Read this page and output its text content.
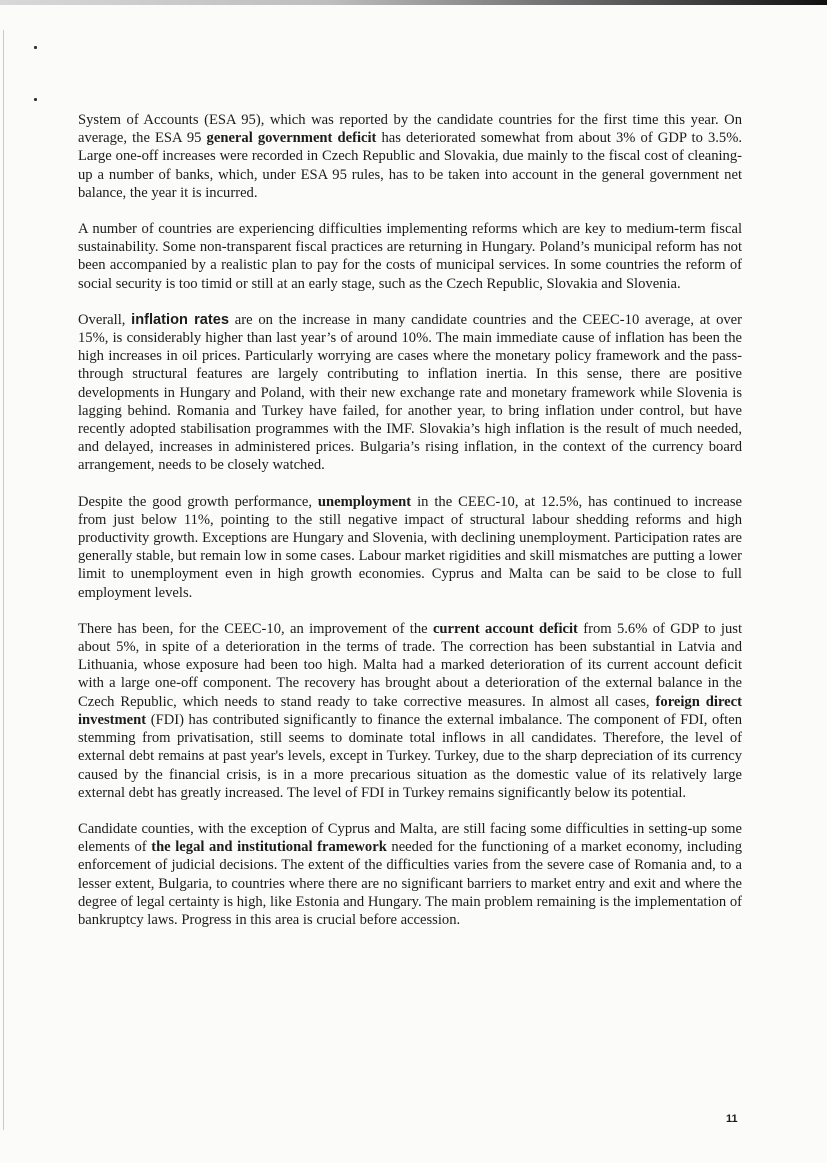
System of Accounts (ESA 95), which was reported by the candidate countries for the first time this year. On average, the ESA 95 general government deficit has deteriorated somewhat from about 3% of GDP to 3.5%. Large one-off increases were recorded in Czech Republic and Slovakia, due mainly to the fiscal cost of cleaning-up a number of banks, which, under ESA 95 rules, has to be taken into account in the general government net balance, the year it is incurred.

A number of countries are experiencing difficulties implementing reforms which are key to medium-term fiscal sustainability. Some non-transparent fiscal practices are returning in Hungary. Poland’s municipal reform has not been accompanied by a realistic plan to pay for the costs of municipal services. In some countries the reform of social security is too timid or still at an early stage, such as the Czech Republic, Slovakia and Slovenia.

Overall, inflation rates are on the increase in many candidate countries and the CEEC-10 average, at over 15%, is considerably higher than last year’s of around 10%. The main immediate cause of inflation has been the high increases in oil prices. Particularly worrying are cases where the monetary policy framework and the pass-through structural features are largely contributing to inflation inertia. In this sense, there are positive developments in Hungary and Poland, with their new exchange rate and monetary framework while Slovenia is lagging behind. Romania and Turkey have failed, for another year, to bring inflation under control, but have recently adopted stabilisation programmes with the IMF. Slovakia’s high inflation is the result of much needed, and delayed, increases in administered prices. Bulgaria’s rising inflation, in the context of the currency board arrangement, needs to be closely watched.

Despite the good growth performance, unemployment in the CEEC-10, at 12.5%, has continued to increase from just below 11%, pointing to the still negative impact of structural labour shedding reforms and high productivity growth. Exceptions are Hungary and Slovenia, with declining unemployment. Participation rates are generally stable, but remain low in some cases. Labour market rigidities and skill mismatches are putting a lower limit to unemployment even in high growth economies. Cyprus and Malta can be said to be close to full employment levels.

There has been, for the CEEC-10, an improvement of the current account deficit from 5.6% of GDP to just about 5%, in spite of a deterioration in the terms of trade. The correction has been substantial in Latvia and Lithuania, whose exposure had been too high. Malta had a marked deterioration of its current account deficit with a large one-off component. The recovery has brought about a deterioration of the external balance in the Czech Republic, which needs to stand ready to take corrective measures. In almost all cases, foreign direct investment (FDI) has contributed significantly to finance the external imbalance. The component of FDI, often stemming from privatisation, still seems to dominate total inflows in all candidates. Therefore, the level of external debt remains at past year's levels, except in Turkey. Turkey, due to the sharp depreciation of its currency caused by the financial crisis, is in a more precarious situation as the domestic value of its relatively large external debt has greatly increased. The level of FDI in Turkey remains significantly below its potential.

Candidate counties, with the exception of Cyprus and Malta, are still facing some difficulties in setting-up some elements of the legal and institutional framework needed for the functioning of a market economy, including enforcement of judicial decisions. The extent of the difficulties varies from the severe case of Romania and, to a lesser extent, Bulgaria, to countries where there are no significant barriers to market entry and exit and where the degree of legal certainty is high, like Estonia and Hungary. The main problem remaining is the implementation of bankruptcy laws. Progress in this area is crucial before accession.

11
